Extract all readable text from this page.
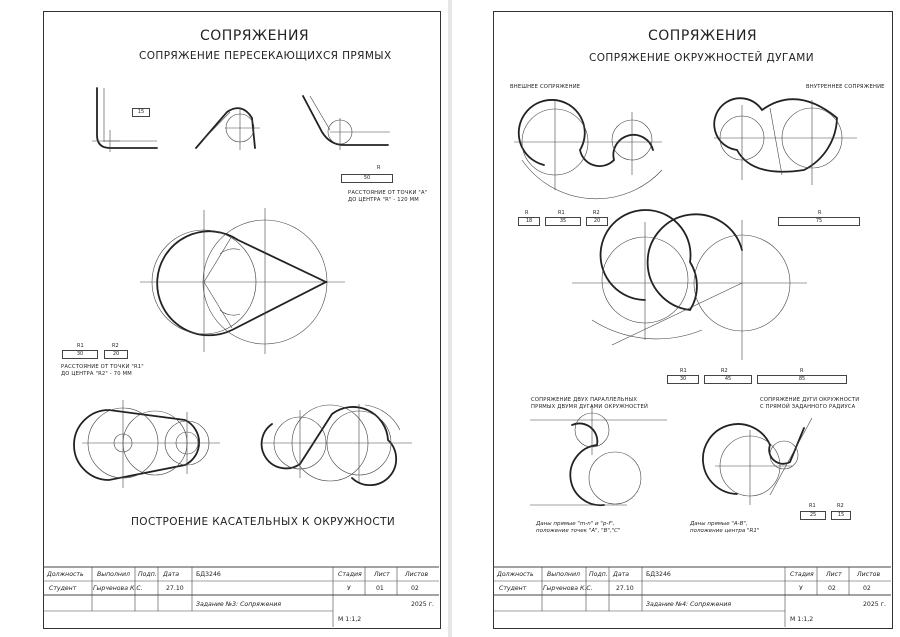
СОПРЯЖЕНИЯ
СОПРЯЖЕНИЕ ПЕРЕСЕКАЮЩИХСЯ ПРЯМЫХ
15
R
50
РАССТОЯНИЕ ОТ ТОЧКИ "А"
ДО ЦЕНТРА "R" - 120 ММ
R1
30
R2
20
РАССТОЯНИЕ ОТ ТОЧКИ "R1"
ДО ЦЕНТРА "R2" - 70 ММ
ПОСТРОЕНИЕ КАСАТЕЛЬНЫХ К ОКРУЖНОСТИ
Должность Выполнил Подп. Дата	БД3246	Стадия Лист Листов
Студент	Гырченова К.С.	27.10	У	01	02
Задание №3: Сопряжения	2025 г.
М 1:1,2
СОПРЯЖЕНИЯ
СОПРЯЖЕНИЕ ОКРУЖНОСТЕЙ ДУГАМИ
ВНЕШНЕЕ СОПРЯЖЕНИЕ	ВНУТРЕННЕЕ СОПРЯЖЕНИЕ
R
18
R1
35
R2
20
R
75
R1
30
R2
45
R
85
СОПРЯЖЕНИЕ ДВУХ ПАРАЛЛЕЛЬНЫХ
ПРЯМЫХ ДВУМЯ ДУГАМИ ОКРУЖНОСТЕЙ
СОПРЯЖЕНИЕ ДУГИ ОКРУЖНОСТИ
С ПРЯМОЙ ЗАДАННОГО РАДИУСА
Даны прямые "m-n" и "p-f",
положение точек "A", "B","C"
Даны прямые "A-B",
положение центра "R1"
R1
25
R2
15
Должность Выполнил Подп. Дата	БД3246	Стадия Лист Листов
Студент	Гырченова К.С.	27.10	У	02	02
Задание №4: Сопряжения	2025 г.
М 1:1,2
